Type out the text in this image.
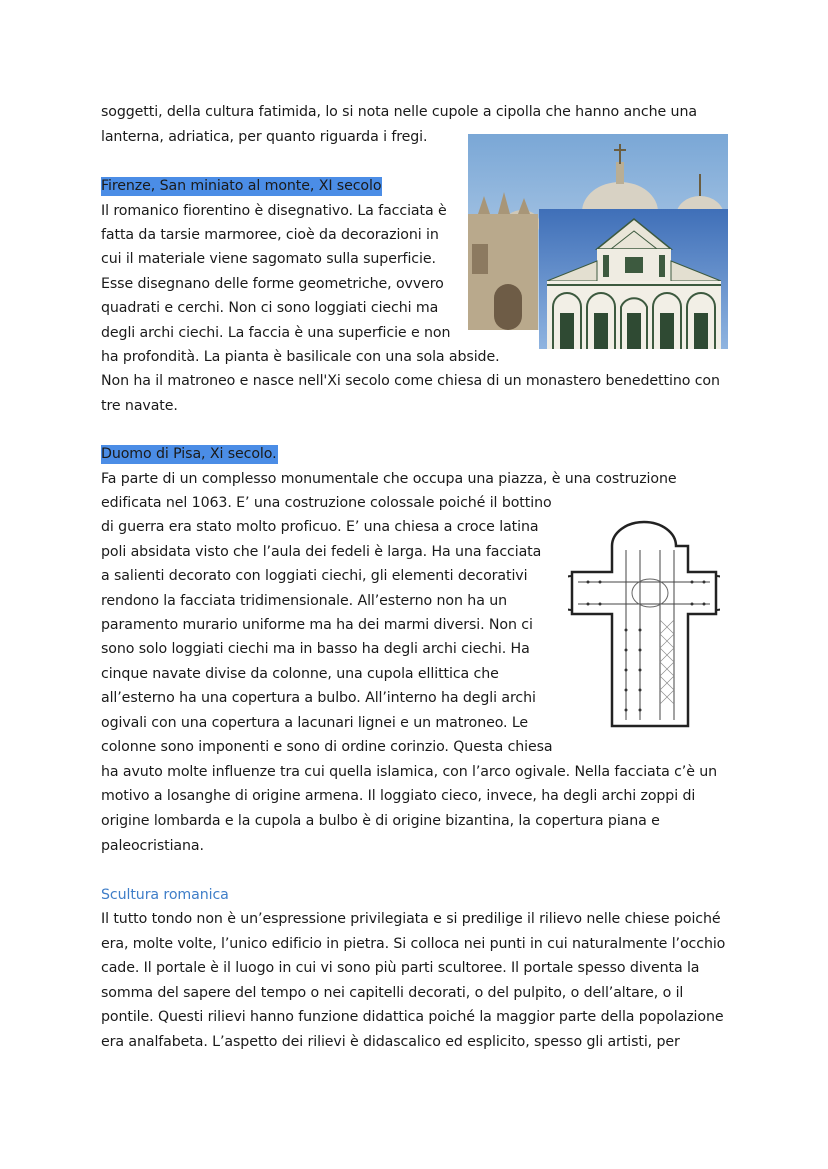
soggetti, della cultura fatimida, lo si nota nelle cupole a cipolla che hanno anche una
lanterna, adriatica, per quanto riguarda i fregi.
Firenze, San miniato al monte, XI secolo
Il romanico fiorentino è disegnativo. La facciata è
fatta da tarsie marmoree, cioè da decorazioni in
cui il materiale viene sagomato sulla superficie.
Esse disegnano delle forme geometriche, ovvero
quadrati e cerchi. Non ci sono loggiati ciechi ma
degli archi ciechi. La faccia è una superficie e non
ha profondità. La pianta è basilicale con una sola abside.
Non ha il matroneo e nasce nell'Xi secolo come chiesa di un monastero benedettino con
tre navate.
Duomo di Pisa, Xi secolo.
Fa parte di un complesso monumentale che occupa una piazza, è una costruzione
edificata nel 1063. E’ una costruzione colossale poiché il bottino
di guerra era stato molto proficuo. E’ una chiesa a croce latina
poli absidata visto che l’aula dei fedeli è larga. Ha una facciata
a salienti decorato con loggiati ciechi, gli elementi decorativi
rendono la facciata tridimensionale. All’esterno non ha un
paramento murario uniforme ma ha dei marmi diversi. Non ci
sono solo loggiati ciechi ma in basso ha degli archi ciechi. Ha
cinque navate divise da colonne, una cupola ellittica che
all’esterno ha una copertura a bulbo. All’interno ha degli archi
ogivali con una copertura a lacunari lignei e un matroneo. Le
colonne sono imponenti e sono di ordine corinzio. Questa chiesa
ha avuto molte influenze tra cui quella islamica, con l’arco ogivale. Nella facciata c’è un
motivo a losanghe di origine armena. Il loggiato cieco, invece, ha degli archi zoppi di
origine lombarda e la cupola a bulbo è di origine bizantina, la copertura piana e
paleocristiana.
Scultura romanica
Il tutto tondo non è un’espressione privilegiata e si predilige il rilievo nelle chiese poiché
era, molte volte, l’unico edificio in pietra. Si colloca nei punti in cui naturalmente l’occhio
cade. Il portale è il luogo in cui vi sono più parti scultoree. Il portale spesso diventa la
somma del sapere del tempo o nei capitelli decorati, o del pulpito, o dell’altare, o il
pontile. Questi rilievi hanno funzione didattica poiché la maggior parte della popolazione
era analfabeta. L’aspetto dei rilievi è didascalico ed esplicito, spesso gli artisti, per
